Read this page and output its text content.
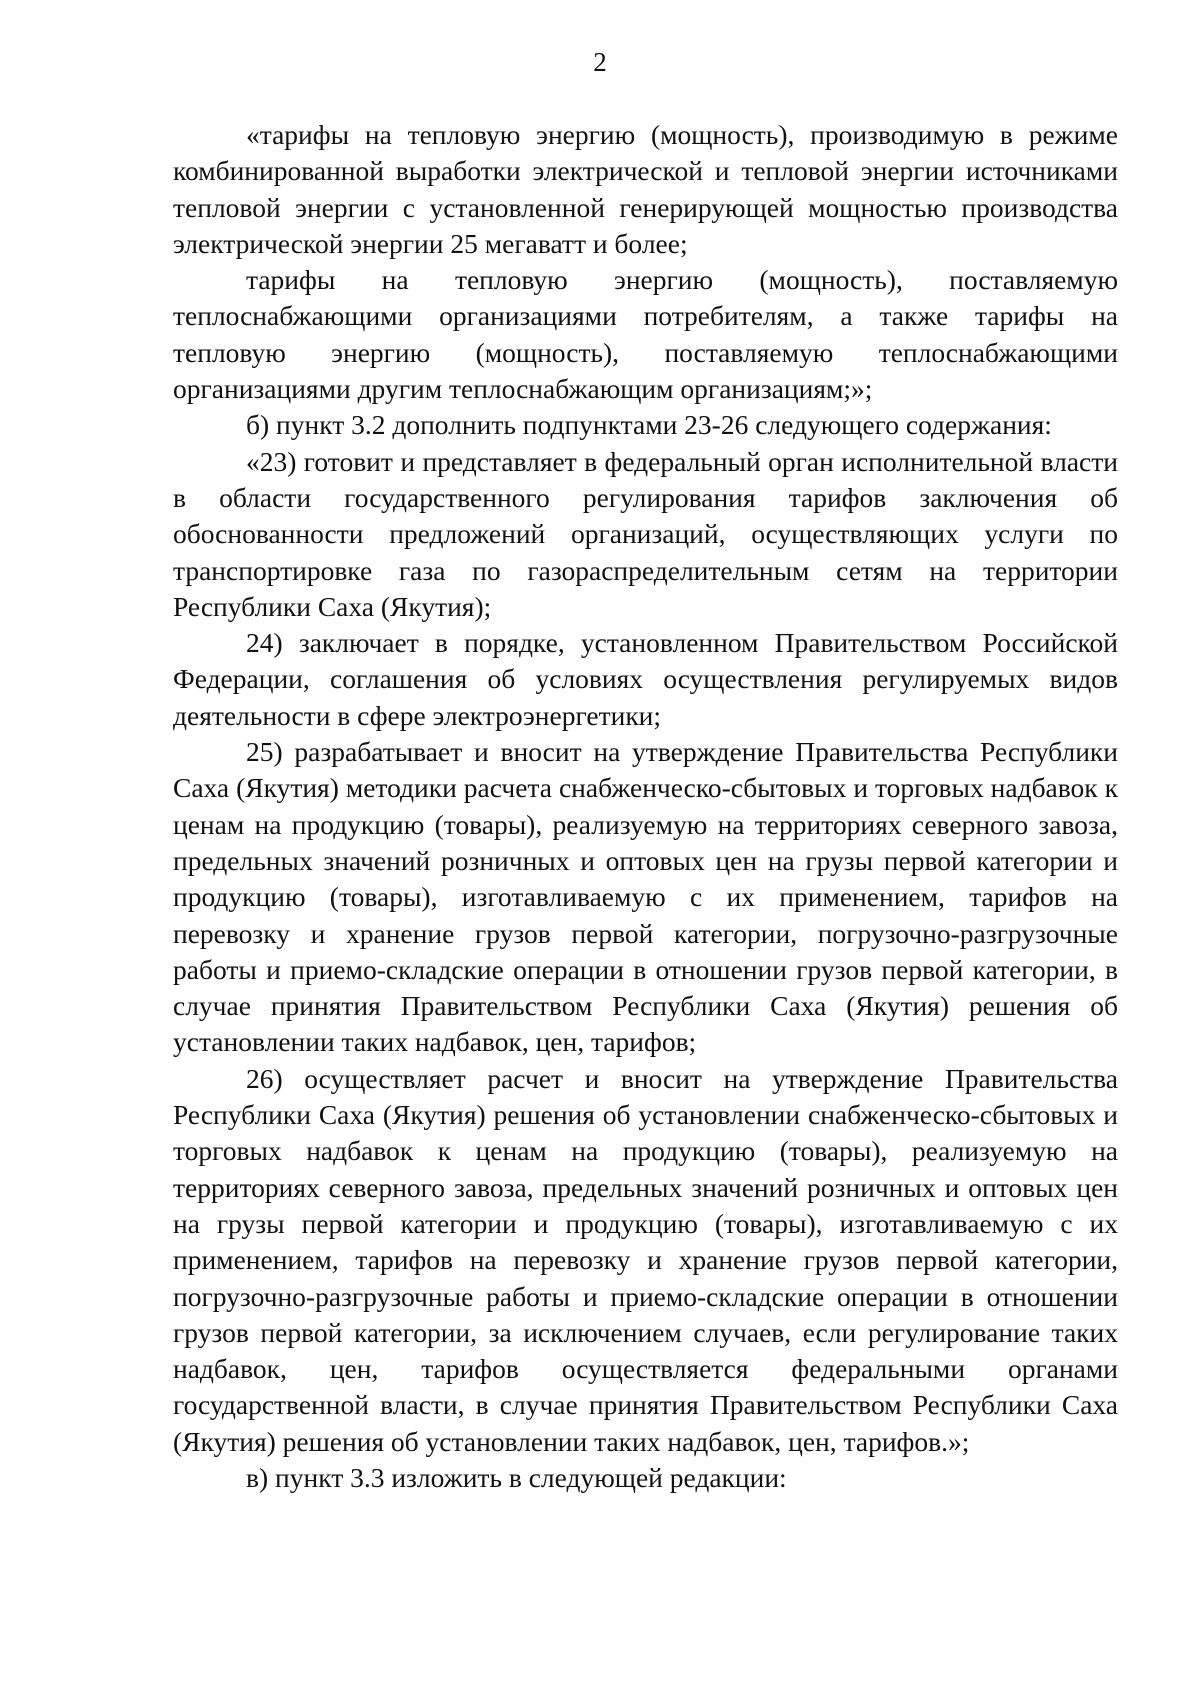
2

«тарифы на тепловую энергию (мощность), производимую в режиме комбинированной выработки электрической и тепловой энергии источниками тепловой энергии с установленной генерирующей мощностью производства электрической энергии 25 мегаватт и более;

тарифы на тепловую энергию (мощность), поставляемую теплоснабжающими организациями потребителям, а также тарифы на тепловую энергию (мощность), поставляемую теплоснабжающими организациями другим теплоснабжающим организациям;»;

б) пункт 3.2 дополнить подпунктами 23-26 следующего содержания:

«23) готовит и представляет в федеральный орган исполнительной власти в области государственного регулирования тарифов заключения об обоснованности предложений организаций, осуществляющих услуги по транспортировке газа по газораспределительным сетям на территории Республики Саха (Якутия);

24) заключает в порядке, установленном Правительством Российской Федерации, соглашения об условиях осуществления регулируемых видов деятельности в сфере электроэнергетики;

25) разрабатывает и вносит на утверждение Правительства Республики Саха (Якутия) методики расчета снабженческо-сбытовых и торговых надбавок к ценам на продукцию (товары), реализуемую на территориях северного завоза, предельных значений розничных и оптовых цен на грузы первой категории и продукцию (товары), изготавливаемую с их применением, тарифов на перевозку и хранение грузов первой категории, погрузочно-разгрузочные работы и приемо-складские операции в отношении грузов первой категории, в случае принятия Правительством Республики Саха (Якутия) решения об установлении таких надбавок, цен, тарифов;

26) осуществляет расчет и вносит на утверждение Правительства Республики Саха (Якутия) решения об установлении снабженческо-сбытовых и торговых надбавок к ценам на продукцию (товары), реализуемую на территориях северного завоза, предельных значений розничных и оптовых цен на грузы первой категории и продукцию (товары), изготавливаемую с их применением, тарифов на перевозку и хранение грузов первой категории, погрузочно-разгрузочные работы и приемо-складские операции в отношении грузов первой категории, за исключением случаев, если регулирование таких надбавок, цен, тарифов осуществляется федеральными органами государственной власти, в случае принятия Правительством Республики Саха (Якутия) решения об установлении таких надбавок, цен, тарифов.»;

в) пункт 3.3 изложить в следующей редакции:
